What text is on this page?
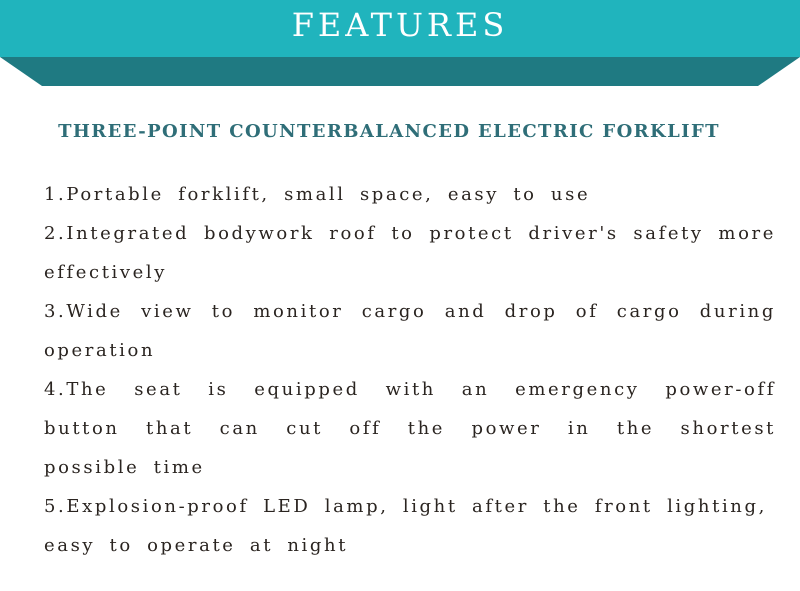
FEATURES
THREE-POINT COUNTERBALANCED ELECTRIC FORKLIFT
1.Portable forklift, small space, easy to use
2.Integrated bodywork roof to protect driver's safety more effectively
3.Wide view to monitor cargo and drop of cargo during operation
4.The seat is equipped with an emergency power-off button that can cut off the power in the shortest possible time
5.Explosion-proof LED lamp, light after the front lighting, easy to operate at night
